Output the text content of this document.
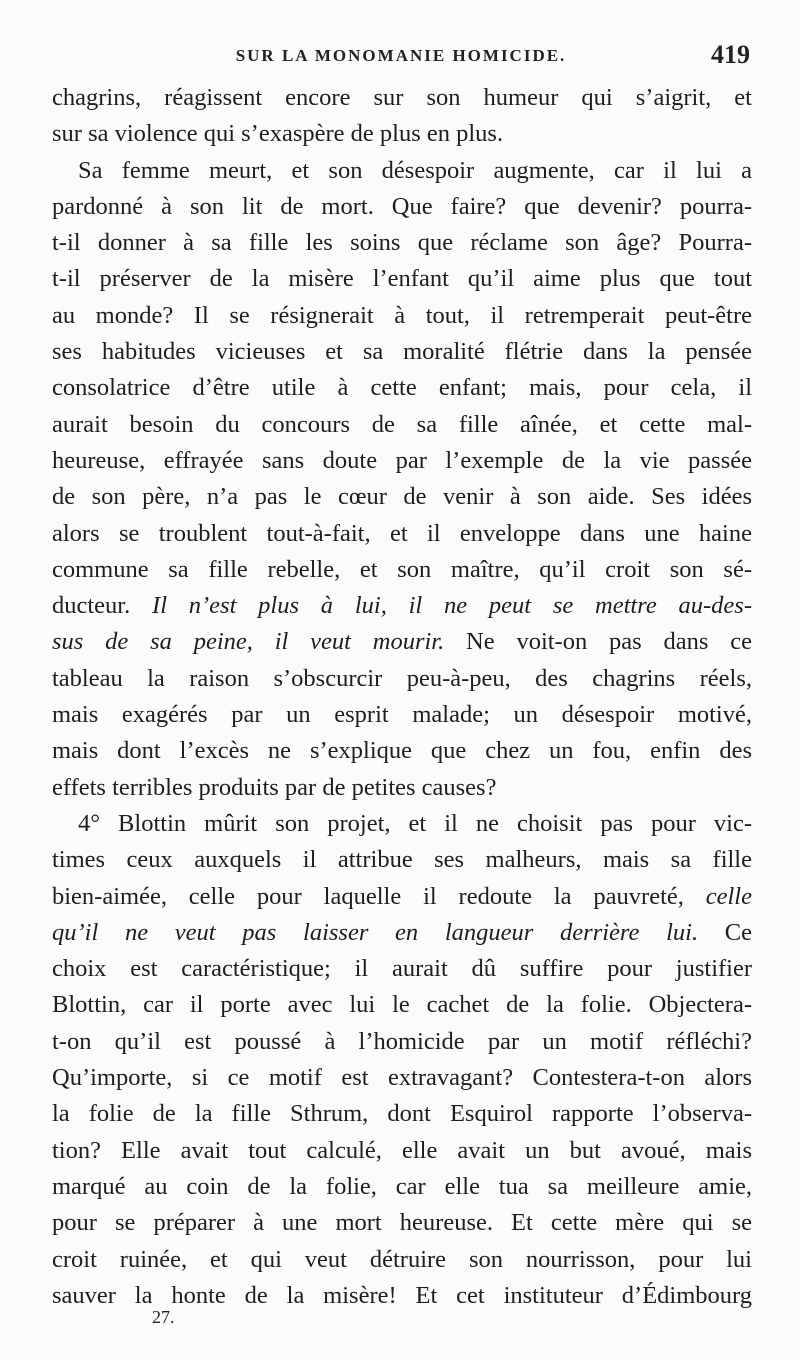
SUR LA MONOMANIE HOMICIDE.	419
chagrins, réagissent encore sur son humeur qui s’aigrit, et
sur sa violence qui s’exaspère de plus en plus.
Sa femme meurt, et son désespoir augmente, car il lui a
pardonné à son lit de mort. Que faire? que devenir? pourra-
t-il donner à sa fille les soins que réclame son âge? Pourra-
t-il préserver de la misère l’enfant qu’il aime plus que tout
au monde? Il se résignerait à tout, il retremperait peut-être
ses habitudes vicieuses et sa moralité flétrie dans la pensée
consolatrice d’être utile à cette enfant; mais, pour cela, il
aurait besoin du concours de sa fille aînée, et cette mal-
heureuse, effrayée sans doute par l’exemple de la vie passée
de son père, n’a pas le cœur de venir à son aide. Ses idées
alors se troublent tout-à-fait, et il enveloppe dans une haine
commune sa fille rebelle, et son maître, qu’il croit son sé-
ducteur. Il n’est plus à lui, il ne peut se mettre au-des-
sus de sa peine, il veut mourir. Ne voit-on pas dans ce
tableau la raison s’obscurcir peu-à-peu, des chagrins réels,
mais exagérés par un esprit malade; un désespoir motivé,
mais dont l’excès ne s’explique que chez un fou, enfin des
effets terribles produits par de petites causes?
4° Blottin mûrit son projet, et il ne choisit pas pour vic-
times ceux auxquels il attribue ses malheurs, mais sa fille
bien-aimée, celle pour laquelle il redoute la pauvreté, celle
qu’il ne veut pas laisser en langueur derrière lui. Ce
choix est caractéristique; il aurait dû suffire pour justifier
Blottin, car il porte avec lui le cachet de la folie. Objectera-
t-on qu’il est poussé à l’homicide par un motif réfléchi?
Qu’importe, si ce motif est extravagant? Contestera-t-on alors
la folie de la fille Sthrum, dont Esquirol rapporte l’observa-
tion? Elle avait tout calculé, elle avait un but avoué, mais
marqué au coin de la folie, car elle tua sa meilleure amie,
pour se préparer à une mort heureuse. Et cette mère qui se
croit ruinée, et qui veut détruire son nourrisson, pour lui
sauver la honte de la misère! Et cet instituteur d’Édimbourg
27.
